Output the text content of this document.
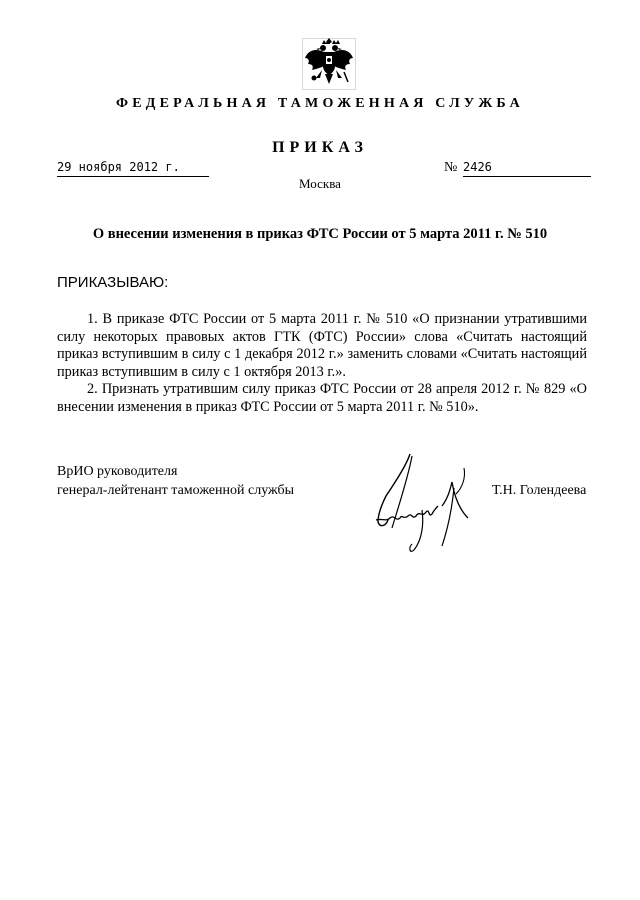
ФЕДЕРАЛЬНАЯ ТАМОЖЕННАЯ СЛУЖБА
ПРИКАЗ
29 ноября 2012 г.	№ 2426
Москва
О внесении изменения в приказ ФТС России от 5 марта 2011 г. № 510
ПРИКАЗЫВАЮ:
1. В приказе ФТС России от 5 марта 2011 г. № 510 «О признании утратившими силу некоторых правовых актов ГТК (ФТС) России» слова «Считать настоящий приказ вступившим в силу с 1 декабря 2012 г.» заменить словами «Считать настоящий приказ вступившим в силу с 1 октября 2013 г.».
2. Признать утратившим силу приказ ФТС России от 28 апреля 2012 г. № 829 «О внесении изменения в приказ ФТС России от 5 марта 2011 г. № 510».
ВрИО руководителя
генерал-лейтенант таможенной службы	Т.Н. Голендеева
